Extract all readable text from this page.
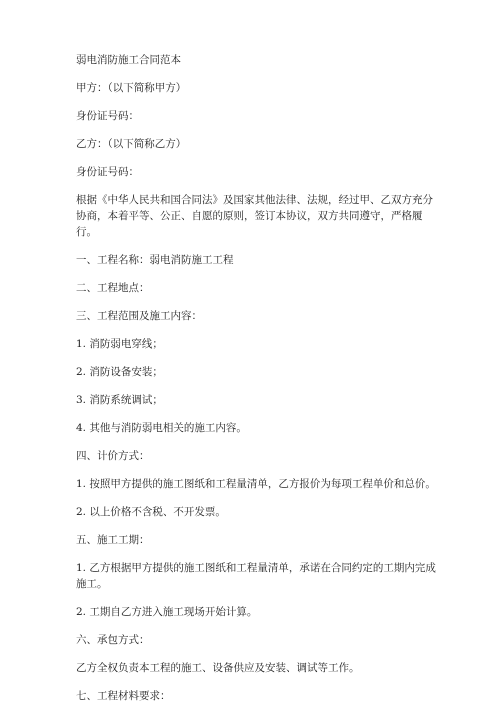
弱电消防施工合同范本

甲方：（以下简称甲方）

身份证号码：

乙方：（以下简称乙方）

身份证号码：

根据《中华人民共和国合同法》及国家其他法律、法规，经过甲、乙双方充分协商，本着平等、公正、自愿的原则，签订本协议，双方共同遵守，严格履行。

一、工程名称：弱电消防施工工程

二、工程地点：

三、工程范围及施工内容：

1. 消防弱电穿线；

2. 消防设备安装；

3. 消防系统调试；

4. 其他与消防弱电相关的施工内容。

四、计价方式：

1. 按照甲方提供的施工图纸和工程量清单，乙方报价为每项工程单价和总价。

2. 以上价格不含税、不开发票。

五、施工工期：

1. 乙方根据甲方提供的施工图纸和工程量清单，承诺在合同约定的工期内完成施工。

2. 工期自乙方进入施工现场开始计算。

六、承包方式：

乙方全权负责本工程的施工、设备供应及安装、调试等工作。

七、工程材料要求：
